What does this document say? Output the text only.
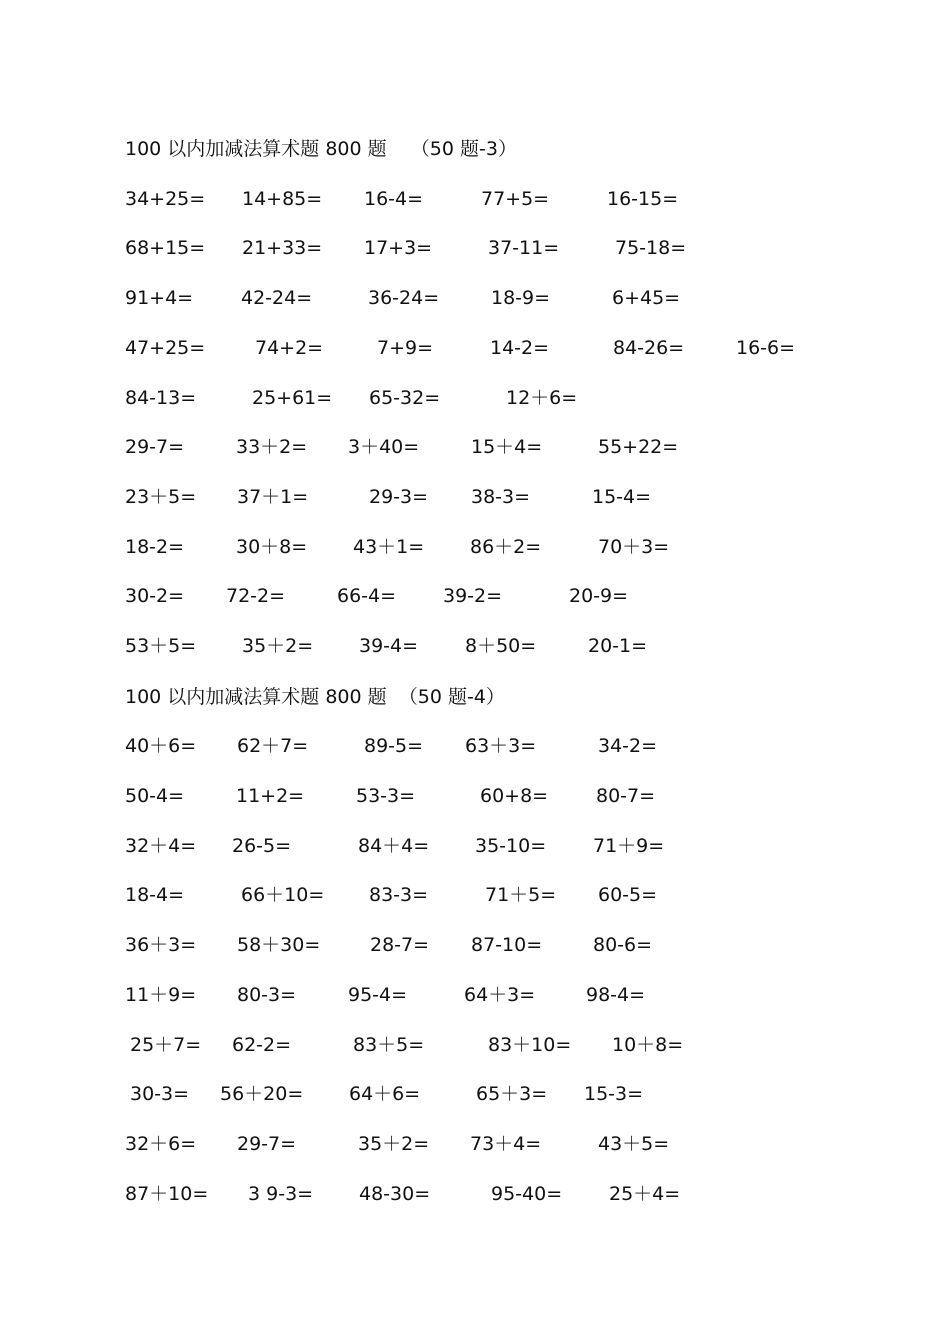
100 以内加减法算术题 800 题    （50 题-3）
34+25= 14+85= 16-4=	77+5=	16-15=
68+15= 21+33= 17+3=	37-11=	75-18=
91+4=	42-24=	36-24=	18-9=	6+45=
47+25=	74+2=	7+9=	14-2=	84-26=	16-6=
84-13=	25+61= 65-32=	12＋6=
29-7=	33＋2= 3＋40=	15＋4=	55+22=
23＋5= 37＋1=	29-3= 38-3=	15-4=
18-2=	30＋8= 43＋1= 86＋2=	70＋3=
30-2= 72-2=	66-4= 39-2=	20-9=
53＋5= 35＋2= 39-4= 8＋50=	20-1=
100 以内加减法算术题 800 题  （50 题-4）
40＋6= 62＋7=	89-5= 63＋3=	34-2=
50-4=	11+2=	53-3=	60+8=	80-7=
32＋4= 26-5=	84＋4= 35-10= 71＋9=
18-4=	66＋10= 83-3=	71＋5= 60-5=
36＋3= 58＋30=	28-7= 87-10=	80-6=
11＋9= 80-3=	95-4=	64＋3=	98-4=
25＋7= 62-2=	83＋5=	83＋10= 10＋8=
30-3= 56＋20= 64＋6=	65＋3= 15-3=
32＋6= 29-7=	35＋2= 73＋4=	43＋5=
87＋10= 3 9-3= 48-30=	95-40= 25＋4=
